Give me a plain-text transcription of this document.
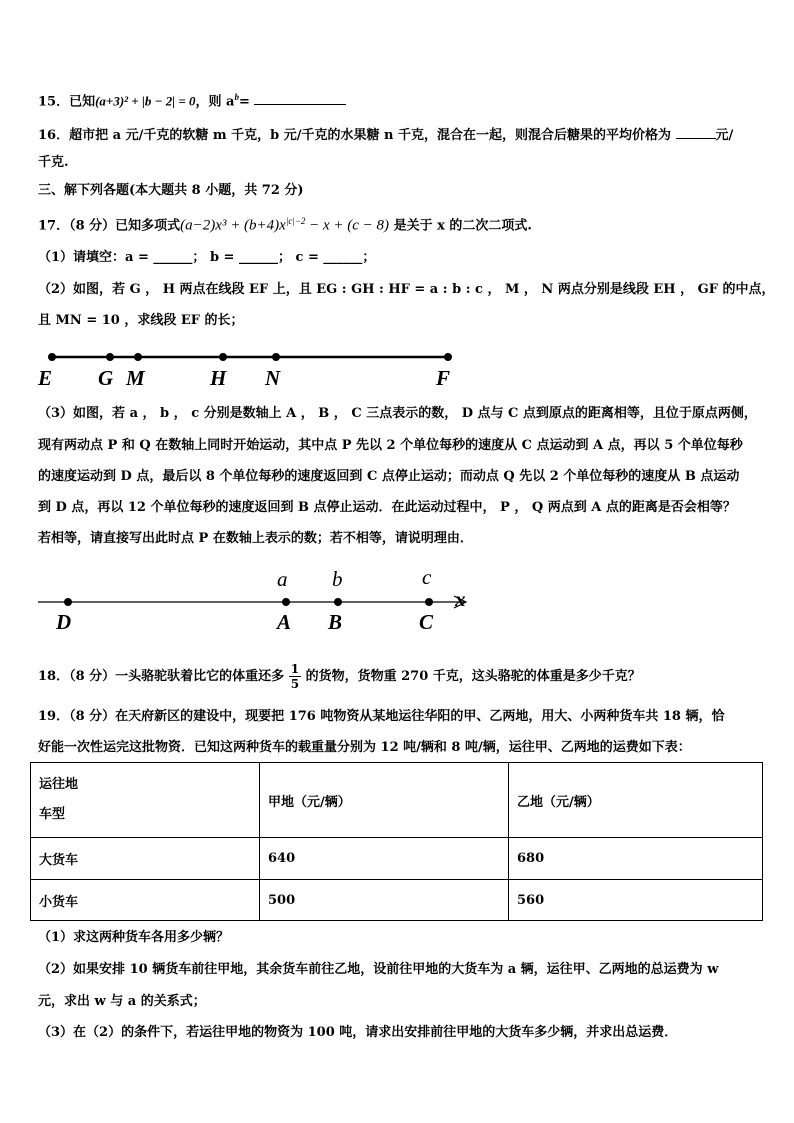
15．已知(a+3)² + |b − 2| = 0，则 $a^b=$
16．超市把 a 元/千克的软糖 m 千克，b 元/千克的水果糖 n 千克，混合在一起，则混合后糖果的平均价格为	元/
千克.
三、解下列各题(本大题共 8 小题，共 72 分)
17．（8 分）已知多项式$(a-2)x^3 + (b+4)x^{|c|-2} - x + (c - 8)$ 是关于 x 的二次二项式.
（1）请填空：a = ______； b = ______； c = ______；
（2）如图，若 G ， H 两点在线段 EF 上，且 EG : GH : HF = a : b : c ， M ， N 两点分别是线段 EH ， GF 的中点，
且 MN = 10 ，求线段 EF 的长；
E G M	H N	F
（3）如图，若 a ， b ， c 分别是数轴上 A ， B ， C 三点表示的数， D 点与 C 点到原点的距离相等，且位于原点两侧，
现有两动点 P 和 Q 在数轴上同时开始运动，其中点 P 先以 2 个单位每秒的速度从 C 点运动到 A 点，再以 5 个单位每秒
的速度运动到 D 点，最后以 8 个单位每秒的速度返回到 C 点停止运动；而动点 Q 先以 2 个单位每秒的速度从 B 点运动
到 D 点，再以 12 个单位每秒的速度返回到 B 点停止运动．在此运动过程中， P ， Q 两点到 A 点的距离是否会相等？
若相等，请直接写出此时点 P 在数轴上表示的数；若不相等，请说明理由．
a b	c
x
D	A B	C
18．（8 分）一头骆驼驮着比它的体重还多 $\frac{1}{5}$ 的货物，货物重 270 千克，这头骆驼的体重是多少千克？
19．（8 分）在天府新区的建设中，现要把 176 吨物资从某地运往华阳的甲、乙两地，用大、小两种货车共 18 辆，恰
好能一次性运完这批物资．已知这两种货车的载重量分别为 12 吨/辆和 8 吨/辆，运往甲、乙两地的运费如下表：
运往地
车型	甲地（元/辆）	乙地（元/辆）
大货车	640	680
小货车	500	560
（1）求这两种货车各用多少辆？
（2）如果安排 10 辆货车前往甲地，其余货车前往乙地，设前往甲地的大货车为 a 辆，运往甲、乙两地的总运费为 w
元，求出 w 与 a 的关系式；
（3）在（2）的条件下，若运往甲地的物资为 100 吨，请求出安排前往甲地的大货车多少辆，并求出总运费．
